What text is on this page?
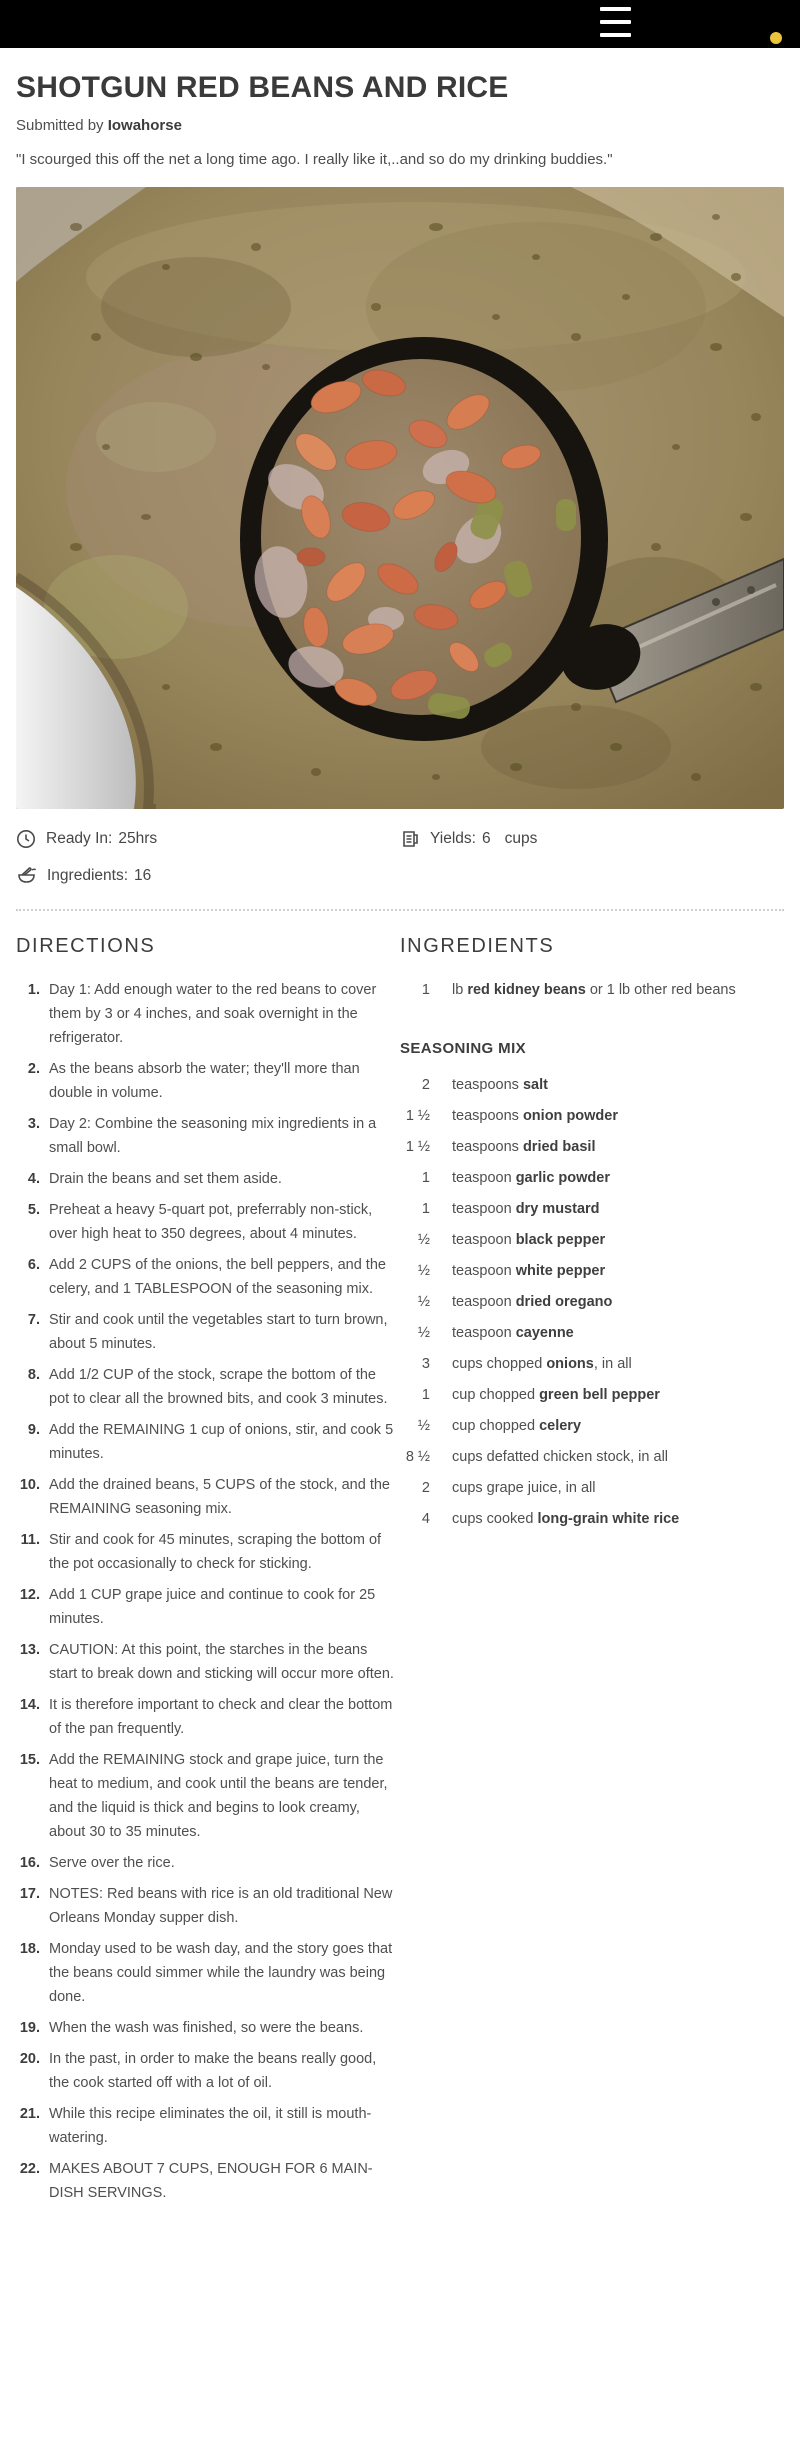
SHOTGUN RED BEANS AND RICE

Submitted by Iowahorse

"I scourged this off the net a long time ago. I really like it,..and so do my drinking buddies."

Ready In: 25hrs	Yields: 6 cups
Ingredients: 16
DIRECTIONS
1. Day 1: Add enough water to the red beans to cover them by 3 or 4 inches, and soak overnight in the refrigerator.
2. As the beans absorb the water; they'll more than double in volume.
3. Day 2: Combine the seasoning mix ingredients in a small bowl.
4. Drain the beans and set them aside.
5. Preheat a heavy 5-quart pot, preferrably non-stick, over high heat to 350 degrees, about 4 minutes.
6. Add 2 CUPS of the onions, the bell peppers, and the celery, and 1 TABLESPOON of the seasoning mix.
7. Stir and cook until the vegetables start to turn brown, about 5 minutes.
8. Add 1/2 CUP of the stock, scrape the bottom of the pot to clear all the browned bits, and cook 3 minutes.
9. Add the REMAINING 1 cup of onions, stir, and cook 5 minutes.
10. Add the drained beans, 5 CUPS of the stock, and the REMAINING seasoning mix.
11. Stir and cook for 45 minutes, scraping the bottom of the pot occasionally to check for sticking.
12. Add 1 CUP grape juice and continue to cook for 25 minutes.
13. CAUTION: At this point, the starches in the beans start to break down and sticking will occur more often.
14. It is therefore important to check and clear the bottom of the pan frequently.
15. Add the REMAINING stock and grape juice, turn the heat to medium, and cook until the beans are tender, and the liquid is thick and begins to look creamy, about 30 to 35 minutes.
16. Serve over the rice.
17. NOTES: Red beans with rice is an old traditional New Orleans Monday supper dish.
18. Monday used to be wash day, and the story goes that the beans could simmer while the laundry was being done.
19. When the wash was finished, so were the beans.
20. In the past, in order to make the beans really good, the cook started off with a lot of oil.
21. While this recipe eliminates the oil, it still is mouth-watering.
22. MAKES ABOUT 7 CUPS, ENOUGH FOR 6 MAIN-DISH SERVINGS.
INGREDIENTS
1 lb red kidney beans or 1 lb other red beans
SEASONING MIX
2 teaspoons salt
1 ½ teaspoons onion powder
1 ½ teaspoons dried basil
1 teaspoon garlic powder
1 teaspoon dry mustard
½ teaspoon black pepper
½ teaspoon white pepper
½ teaspoon dried oregano
½ teaspoon cayenne
3 cups chopped onions, in all
1 cup chopped green bell pepper
½ cup chopped celery
8 ½ cups defatted chicken stock, in all
2 cups grape juice, in all
4 cups cooked long-grain white rice
